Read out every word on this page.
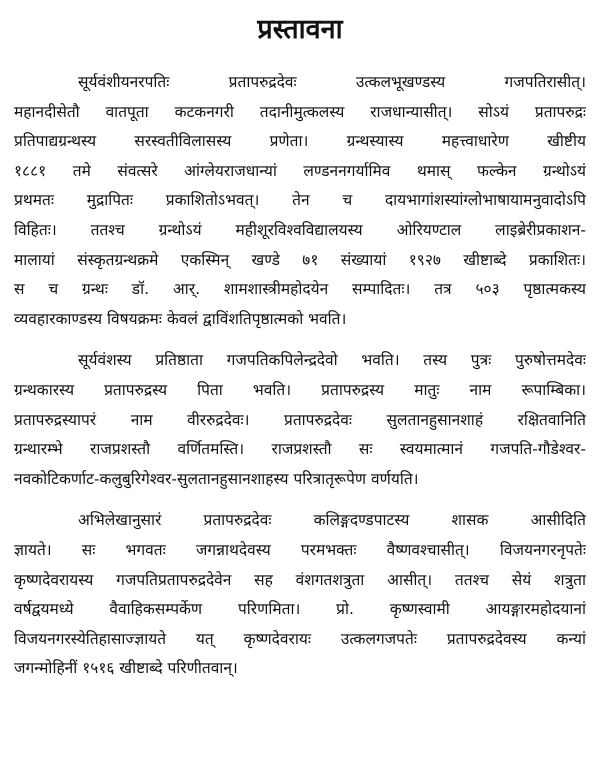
प्रस्तावना
सूर्यवंशीयनरपतिः प्रतापरुद्रदेवः उत्कलभूखण्डस्य गजपतिरासीत्।
महानदीसेतौ वातपूता कटकनगरी तदानीमुत्कलस्य राजधान्यासीत्। सोऽयं प्रतापरुद्रः
प्रतिपाद्यग्रन्थस्य सरस्वतीविलासस्य प्रणेता। ग्रन्थस्यास्य महत्त्वाधारेण खीष्टीय
१८८१ तमे संवत्सरे आंग्लेयराजधान्यां लण्डननगर्यामिव थमास् फल्केन ग्रन्थोऽयं
प्रथमतः मुद्रापितः प्रकाशितोऽभवत्। तेन च दायभागांशस्यांग्लोभाषायामनुवादोऽपि
विहितः। ततश्च ग्रन्थोऽयं महीशूरविश्वविद्यालयस्य ओरियण्टाल लाइब्रेरीप्रकाशन-
मालायां संस्कृतग्रन्थक्रमे एकस्मिन् खण्डे ७१ संख्यायां १९२७ खीष्टाब्दे प्रकाशितः।
स च ग्रन्थः डॉ. आर्. शामशास्त्रीमहोदयेन सम्पादितः। तत्र ५०३ पृष्ठात्मकस्य
व्यवहारकाण्डस्य विषयक्रमः केवलं द्वाविंशतिपृष्ठात्मको भवति।
सूर्यवंशस्य प्रतिष्ठाता गजपतिकपिलेन्द्रदेवो भवति। तस्य पुत्रः पुरुषोत्तमदेवः
ग्रन्थकारस्य प्रतापरुद्रस्य पिता भवति। प्रतापरुद्रस्य मातुः नाम रूपाम्बिका।
प्रतापरुद्रस्यापरं नाम वीररुद्रदेवः। प्रतापरुद्रदेवः सुलतानहुसानशाहं रक्षितवानिति
ग्रन्थारम्भे राजप्रशस्तौ वर्णितमस्ति। राजप्रशस्तौ सः स्वयमात्मानं गजपति-गौडेश्वर-
नवकोटिकर्णाट-कलुबुरिगेश्वर-सुलतानहुसानशाहस्य परित्रातृरूपेण वर्णयति।
अभिलेखानुसारं प्रतापरुद्रदेवः कलिङ्गदण्डपाटस्य शासक आसीदिति
ज्ञायते। सः भगवतः जगन्नाथदेवस्य परमभक्तः वैष्णवश्चासीत्। विजयनगरनृपतेः
कृष्णदेवरायस्य गजपतिप्रतापरुद्रदेवेन सह वंशगतशत्रुता आसीत्। ततश्च सेयं शत्रुता
वर्षद्वयमध्ये वैवाहिकसम्पर्केण परिणमिता। प्रो. कृष्णस्वामी आयङ्गारमहोदयानां
विजयनगरस्येतिहासाज्ज्ञायते यत् कृष्णदेवरायः उत्कलगजपतेः प्रतापरुद्रदेवस्य कन्यां
जगन्मोहिनीं १५१६ खीष्टाब्दे परिणीतवान्।
